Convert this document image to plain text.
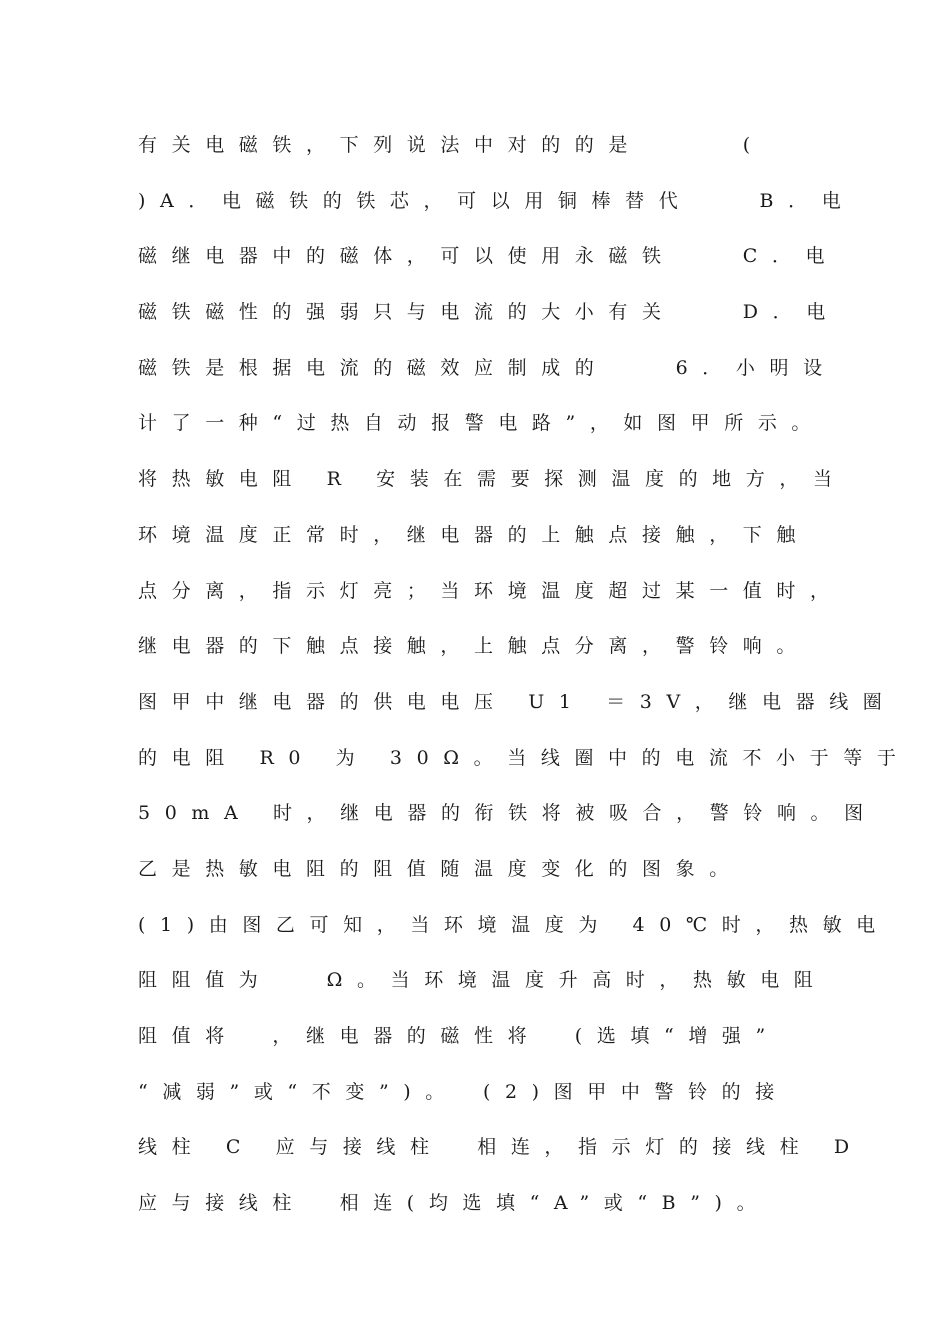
有关电磁铁，下列说法中对的的是　　　(
)A．电磁铁的铁芯，可以用铜棒替代　　B．电
磁继电器中的磁体，可以使用永磁铁　　C．电
磁铁磁性的强弱只与电流的大小有关　　D．电
磁铁是根据电流的磁效应制成的　　6．小明设
计了一种“过热自动报警电路”，如图甲所示。
将热敏电阻 R 安装在需要探测温度的地方，当
环境温度正常时，继电器的上触点接触，下触
点分离，指示灯亮；当环境温度超过某一值时，
继电器的下触点接触，上触点分离，警铃响。
图甲中继电器的供电电压 U1 ＝3V，继电器线圈
的电阻 R0 为 30Ω。当线圈中的电流不小于等于
50mA 时，继电器的衔铁将被吸合，警铃响。图
乙是热敏电阻的阻值随温度变化的图象。
(1)由图乙可知，当环境温度为 40℃时，热敏电
阻阻值为　 Ω。当环境温度升高时，热敏电阻
阻值将　，继电器的磁性将　(选填“增强”
“减弱”或“不变”)。　(2)图甲中警铃的接
线柱 C 应与接线柱　相连，指示灯的接线柱 D
应与接线柱　相连(均选填“A”或“B”)。
